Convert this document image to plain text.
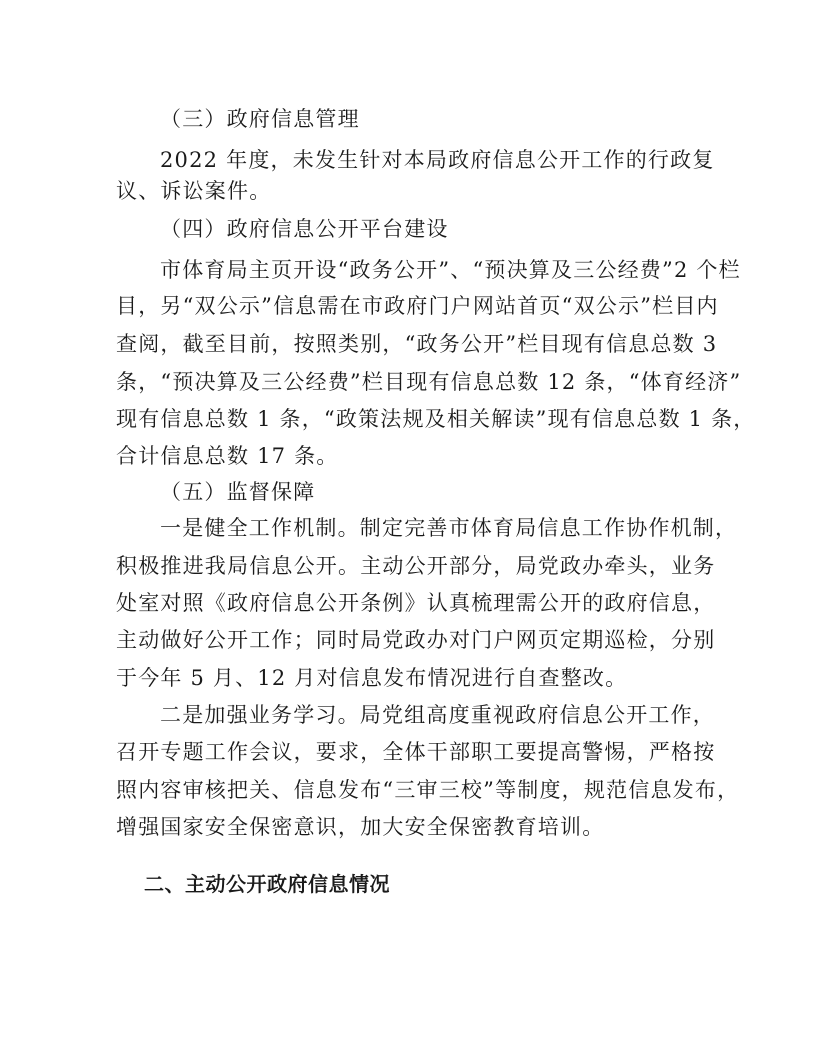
（三）政府信息管理
2022 年度，未发生针对本局政府信息公开工作的行政复
议、诉讼案件。
（四）政府信息公开平台建设
市体育局主页开设“政务公开”、“预决算及三公经费”2 个栏
目，另“双公示”信息需在市政府门户网站首页“双公示”栏目内
查阅，截至目前，按照类别，“政务公开”栏目现有信息总数 3
条，“预决算及三公经费”栏目现有信息总数 12 条，“体育经济”
现有信息总数 1 条，“政策法规及相关解读”现有信息总数 1 条，
合计信息总数 17 条。
（五）监督保障
一是健全工作机制。制定完善市体育局信息工作协作机制，
积极推进我局信息公开。主动公开部分，局党政办牵头，业务
处室对照《政府信息公开条例》认真梳理需公开的政府信息，
主动做好公开工作；同时局党政办对门户网页定期巡检，分别
于今年 5 月、12 月对信息发布情况进行自查整改。
二是加强业务学习。局党组高度重视政府信息公开工作，
召开专题工作会议，要求，全体干部职工要提高警惕，严格按
照内容审核把关、信息发布“三审三校”等制度，规范信息发布，
增强国家安全保密意识，加大安全保密教育培训。
二、主动公开政府信息情况
